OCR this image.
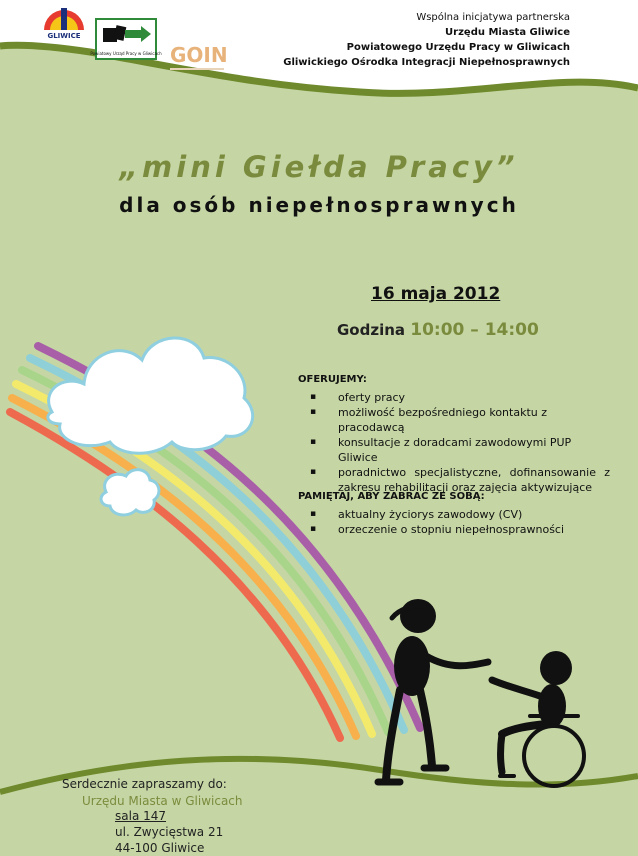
GLIWICE
Powiatowy Urząd Pracy w Gliwicach GOIN
Wspólna inicjatywa partnerska
Urzędu Miasta Gliwice
Powiatowego Urzędu Pracy w Gliwicach
Gliwickiego Ośrodka Integracji Niepełnosprawnych
„mini Giełda Pracy”
dla osób niepełnosprawnych
16 maja 2012
Godzina 10:00 – 14:00
OFERUJEMY:
▪ oferty pracy
▪ możliwość bezpośredniego kontaktu z pracodawcą
▪ konsultacje z doradcami zawodowymi PUP Gliwice
▪ poradnictwo specjalistyczne, dofinansowanie z zakresu rehabilitacji oraz zajęcia aktywizujące
PAMIĘTAJ, ABY ZABRAĆ ZE SOBĄ:
▪ aktualny życiorys zawodowy (CV)
▪ orzeczenie o stopniu niepełnosprawności
Serdecznie zapraszamy do:
Urzędu Miasta w Gliwicach
sala 147
ul. Zwycięstwa 21
44-100 Gliwice
